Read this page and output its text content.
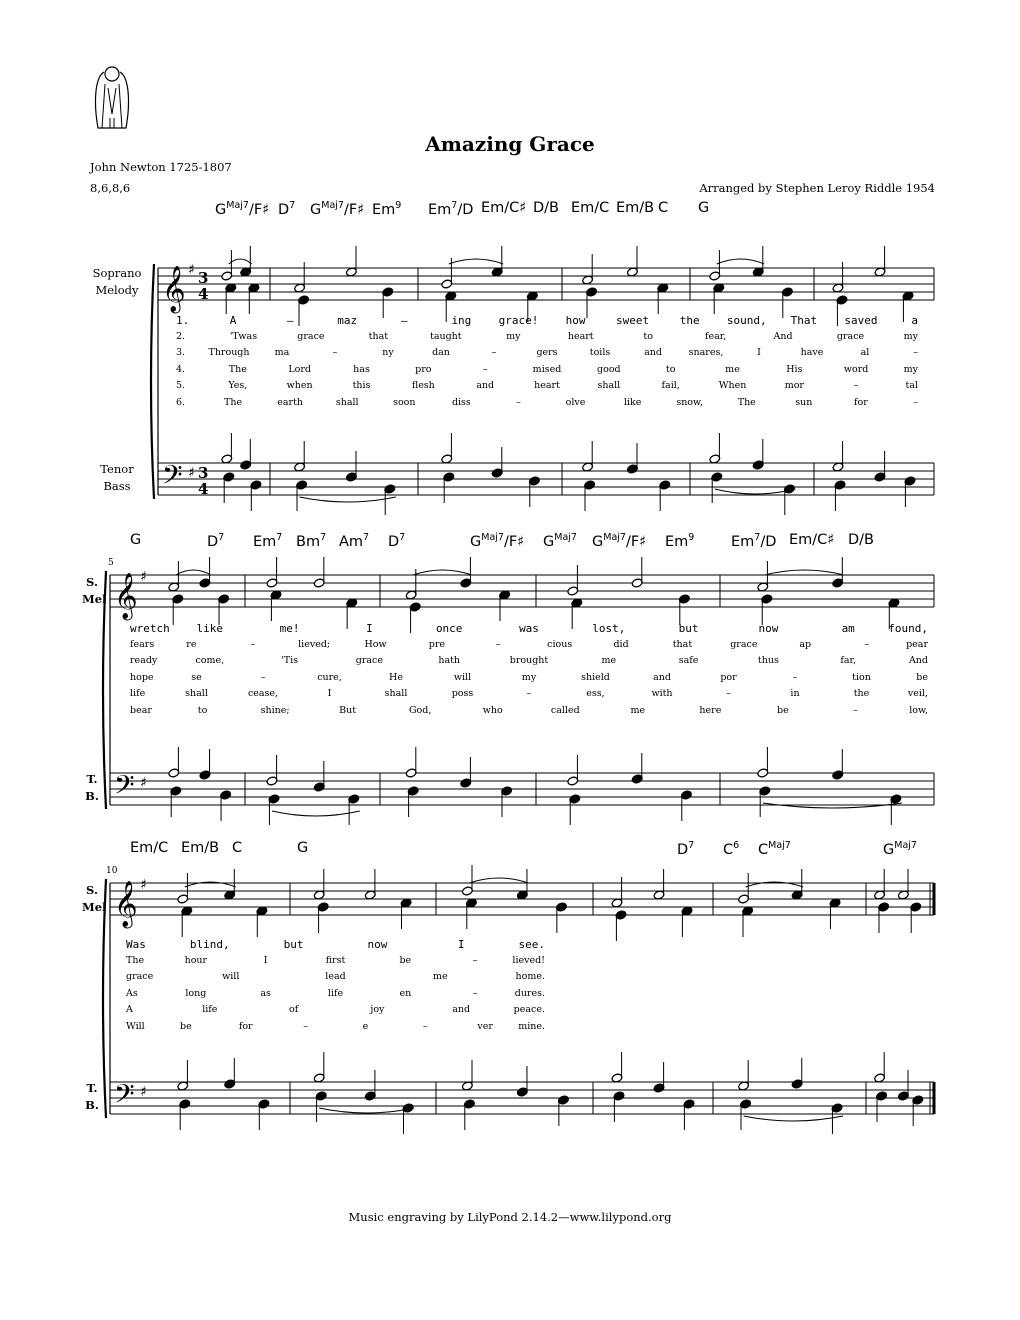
Amazing Grace
John Newton 1725-1807
8,6,8,6	Arranged by Stephen Leroy Riddle 1954
Soprano
Melody
Tenor
Bass
S.
Mel
T.
B.
S.
Mel
T.
B.
5
10
$G^{Maj7}/F♯$ $D^7$ $G^{Maj7}/F♯$ Em$^9$ Em$^7$/D Em/C♯ D/B Em/C Em/B C G
G	$D^7$ Em$^7$ Bm$^7$ Am$^7$ $D^7$	$G^{Maj7}/F♯$ $G^{Maj7}$ $G^{Maj7}/F♯$ Em$^9$	Em$^7$/D Em/C♯ D/B
Em/C Em/B C	G	$D^7$ $C^6$ $C^{Maj7}$	$G^{Maj7}$
1.	A	–	maz	–	ing grace! how	sweet	the sound, That saved	a
2.	'Twas	grace	that	taught	my	heart	to	fear,	And	grace	my
3. Through	ma	–	ny	dan	–	gers	toils	and	snares,	I	have	al	–
4.	The	Lord	has	pro	–	mised	good	to	me	His	word	my
5.	Yes,	when	this	flesh	and	heart	shall	fail,	When	mor	–	tal
6.	The	earth	shall	soon	diss	–	olve	like	snow,	The	sun	for	–
wretch like	me!	I	once	was	lost,	but	now	am	found,
fears	re	–	lieved;	How	pre	–	cious	did	that	grace	ap	–	pear
ready	come,	'Tis	grace	hath	brought	me	safe	thus	far,	And
hope	se	–	cure,	He	will	my	shield	and	por	–	tion	be
life	shall	cease,	I	shall	poss	–	ess,	with	–	in	the	veil,
bear	to	shine;	But	God,	who	called	me	here	be	–	low,
Was	blind,	but	now	I	see.
The	hour	I	first	be	–	lieved!
grace	will	lead	me	home.
As	long	as	life	en	–	dures.
A	life	of	joy	and	peace.
Will	be	for	–	e	–	ver	mine.
𝄞
𝄢
♯
♯
3
4
3
4
𝄞
𝄢
♯
♯
𝄞
𝄢
♯
♯
Music engraving by LilyPond 2.14.2—www.lilypond.org
